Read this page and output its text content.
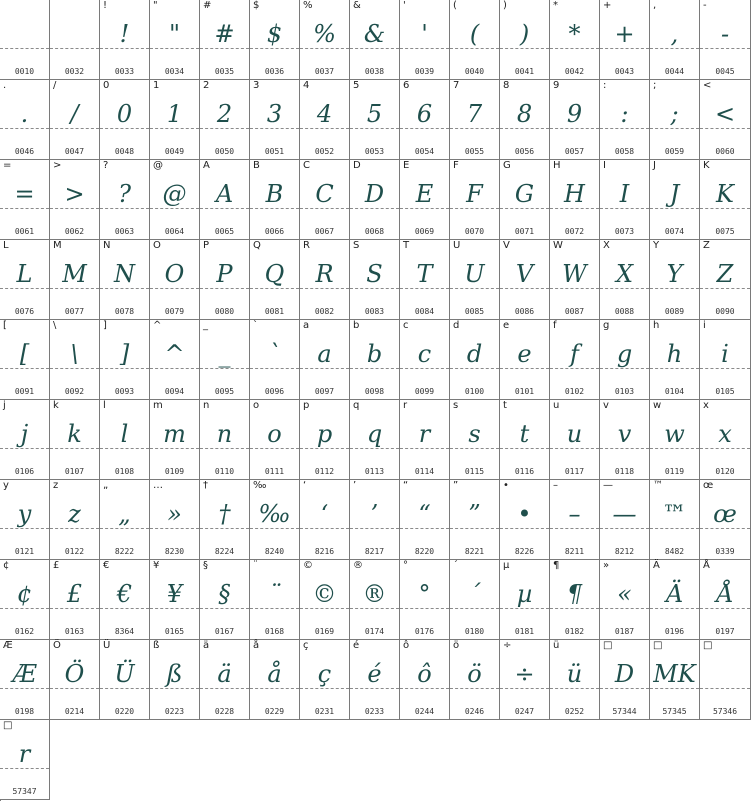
0010	0032
!
!
0033
"
"
0034
#
#
0035
$
$
0036
%
%
0037
&
&
0038
'
'
0039
(
(
0040
)
)
0041
*
*
0042
+
+
0043
,
,
0044
-
-
0045
.
.
0046
/
/
0047
0
0
0048
1
1
0049
2
2
0050
3
3
0051
4
4
0052
5
5
0053
6
6
0054
7
7
0055
8
8
0056
9
9
0057
:
:
0058
;
;
0059
<
<
0060
=
=
0061
>
>
0062
?
?
0063
@
@
0064
A
A
0065
B
B
0066
C
C
0067
D
D
0068
E
E
0069
F
F
0070
G
G
0071
H
H
0072
I
I
0073
J
J
0074
K
K
0075
L
L
0076
M
M
0077
N
N
0078
O
O
0079
P
P
0080
Q
Q
0081
R
R
0082
S
S
0083
T
T
0084
U
U
0085
V
V
0086
W
W
0087
X
X
0088
Y
Y
0089
Z
Z
0090
[
[
0091
\
\
0092
]
]
0093
^
^
0094
_
_
0095
`
`
0096
a
a
0097
b
b
0098
c
c
0099
d
d
0100
e
e
0101
f
f
0102
g
g
0103
h
h
0104
i
i
0105
j
j
0106
k
k
0107
l
l
0108
m
m
0109
n
n
0110
o
o
0111
p
p
0112
q
q
0113
r
r
0114
s
s
0115
t
t
0116
u
u
0117
v
v
0118
w
w
0119
x
x
0120
y
y
0121
z
z
0122
„
„
8222
…
»
8230
†
†
8224
‰
‰
8240
‘
‘
8216
’
’
8217
“
“
8220
”
”
8221
•
•
8226
–
–
8211
—
—
8212
™
™
8482
œ
œ
0339
¢
¢
0162
£
£
0163
€
€
8364
¥
¥
0165
§
§
0167
¨
¨
0168
©
©
0169
®
®
0174
°
°
0176
´
´
0180
µ
µ
0181
¶
¶
0182
»
«
0187
Ä
Ä
0196
Å
Å
0197
Æ
Æ
0198
Ö
Ö
0214
Ü
Ü
0220
ß
ß
0223
ä
ä
0228
å
å
0229
ç
ç
0231
é
é
0233
ô
ô
0244
ö
ö
0246
÷
÷
0247
ü
ü
0252
□
D
57344
□
MK
57345
□
57346
□
r
57347
